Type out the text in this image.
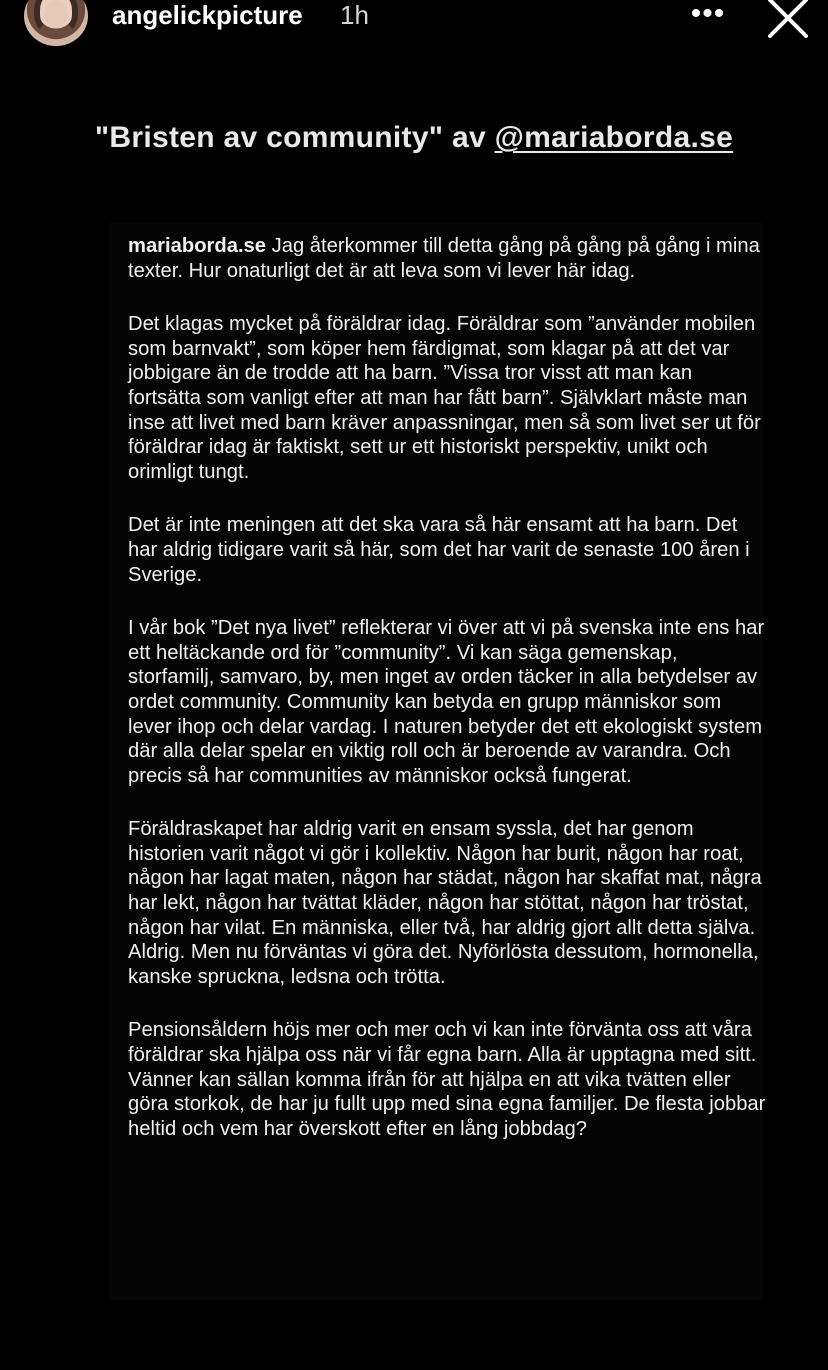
angelickpicture 1h	•••
"Bristen av community" av @mariaborda.se

mariaborda.se Jag återkommer till detta gång på gång på gång i mina texter. Hur onaturligt det är att leva som vi lever här idag.

Det klagas mycket på föräldrar idag. Föräldrar som ”använder mobilen som barnvakt”, som köper hem färdigmat, som klagar på att det var jobbigare än de trodde att ha barn. ”Vissa tror visst att man kan fortsätta som vanligt efter att man har fått barn”. Självklart måste man inse att livet med barn kräver anpassningar, men så som livet ser ut för föräldrar idag är faktiskt, sett ur ett historiskt perspektiv, unikt och orimligt tungt.

Det är inte meningen att det ska vara så här ensamt att ha barn. Det har aldrig tidigare varit så här, som det har varit de senaste 100 åren i Sverige.

I vår bok ”Det nya livet” reflekterar vi över att vi på svenska inte ens har ett heltäckande ord för ”community”. Vi kan säga gemenskap, storfamilj, samvaro, by, men inget av orden täcker in alla betydelser av ordet community. Community kan betyda en grupp människor som lever ihop och delar vardag. I naturen betyder det ett ekologiskt system där alla delar spelar en viktig roll och är beroende av varandra. Och precis så har communities av människor också fungerat.

Föräldraskapet har aldrig varit en ensam syssla, det har genom historien varit något vi gör i kollektiv. Någon har burit, någon har roat, någon har lagat maten, någon har städat, någon har skaffat mat, några har lekt, någon har tvättat kläder, någon har stöttat, någon har tröstat, någon har vilat. En människa, eller två, har aldrig gjort allt detta själva. Aldrig. Men nu förväntas vi göra det. Nyförlösta dessutom, hormonella, kanske spruckna, ledsna och trötta.

Pensionsåldern höjs mer och mer och vi kan inte förvänta oss att våra föräldrar ska hjälpa oss när vi får egna barn. Alla är upptagna med sitt. Vänner kan sällan komma ifrån för att hjälpa en att vika tvätten eller göra storkok, de har ju fullt upp med sina egna familjer. De flesta jobbar heltid och vem har överskott efter en lång jobbdag?
